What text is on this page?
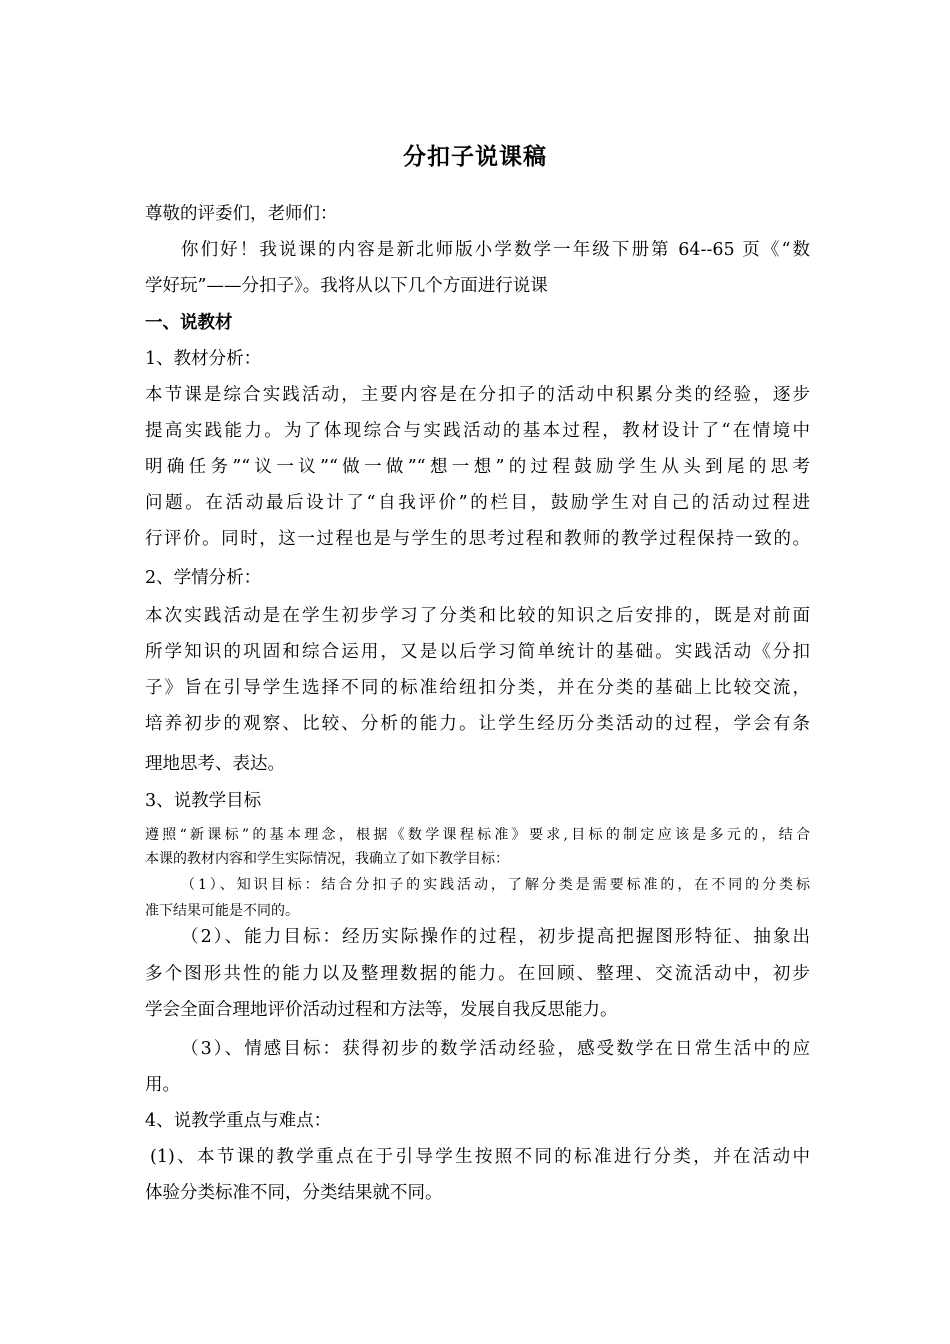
分扣子说课稿
尊敬的评委们，老师们：
你们好！我说课的内容是新北师版小学数学一年级下册第 64--65 页《“数
学好玩”——分扣子》。我将从以下几个方面进行说课
一、说教材
1、教材分析：
本节课是综合实践活动，主要内容是在分扣子的活动中积累分类的经验，逐步
提高实践能力。为了体现综合与实践活动的基本过程，教材设计了“在情境中
明确任务”“议一议”“做一做”“想一想”的过程鼓励学生从头到尾的思考
问题。在活动最后设计了“自我评价”的栏目，鼓励学生对自己的活动过程进
行评价。同时，这一过程也是与学生的思考过程和教师的教学过程保持一致的。
2、学情分析：
本次实践活动是在学生初步学习了分类和比较的知识之后安排的，既是对前面
所学知识的巩固和综合运用，又是以后学习简单统计的基础。实践活动《分扣
子》旨在引导学生选择不同的标准给纽扣分类，并在分类的基础上比较交流，
培养初步的观察、比较、分析的能力。让学生经历分类活动的过程，学会有条
理地思考、表达。
3、说教学目标
遵照“新课标”的基本理念，根据《数学课程标准》要求,目标的制定应该是多元的，结合
本课的教材内容和学生实际情况，我确立了如下教学目标：
（1）、知识目标：结合分扣子的实践活动，了解分类是需要标准的，在不同的分类标
准下结果可能是不同的。
（2）、能力目标：经历实际操作的过程，初步提高把握图形特征、抽象出
多个图形共性的能力以及整理数据的能力。在回顾、整理、交流活动中，初步
学会全面合理地评价活动过程和方法等，发展自我反思能力。
（3）、情感目标：获得初步的数学活动经验，感受数学在日常生活中的应
用。
4、说教学重点与难点：
(1)、本节课的教学重点在于引导学生按照不同的标准进行分类，并在活动中
体验分类标准不同，分类结果就不同。
